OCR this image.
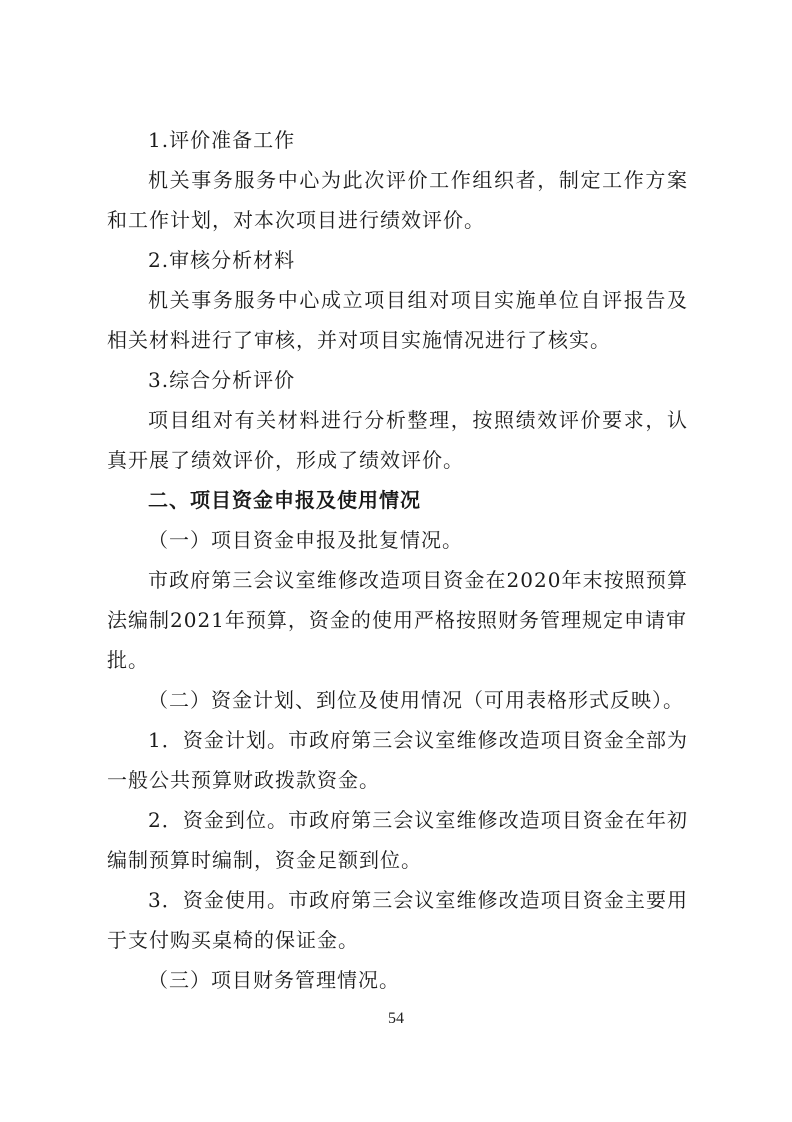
1.评价准备工作
机关事务服务中心为此次评价工作组织者，制定工作方案
和工作计划，对本次项目进行绩效评价。
2.审核分析材料
机关事务服务中心成立项目组对项目实施单位自评报告及
相关材料进行了审核，并对项目实施情况进行了核实。
3.综合分析评价
项目组对有关材料进行分析整理，按照绩效评价要求，认
真开展了绩效评价，形成了绩效评价。
二、项目资金申报及使用情况
（一）项目资金申报及批复情况。
市政府第三会议室维修改造项目资金在2020年末按照预算
法编制2021年预算，资金的使用严格按照财务管理规定申请审
批。
（二）资金计划、到位及使用情况（可用表格形式反映）。
1．资金计划。市政府第三会议室维修改造项目资金全部为
一般公共预算财政拨款资金。
2．资金到位。市政府第三会议室维修改造项目资金在年初
编制预算时编制，资金足额到位。
3．资金使用。市政府第三会议室维修改造项目资金主要用
于支付购买桌椅的保证金。
（三）项目财务管理情况。
54
